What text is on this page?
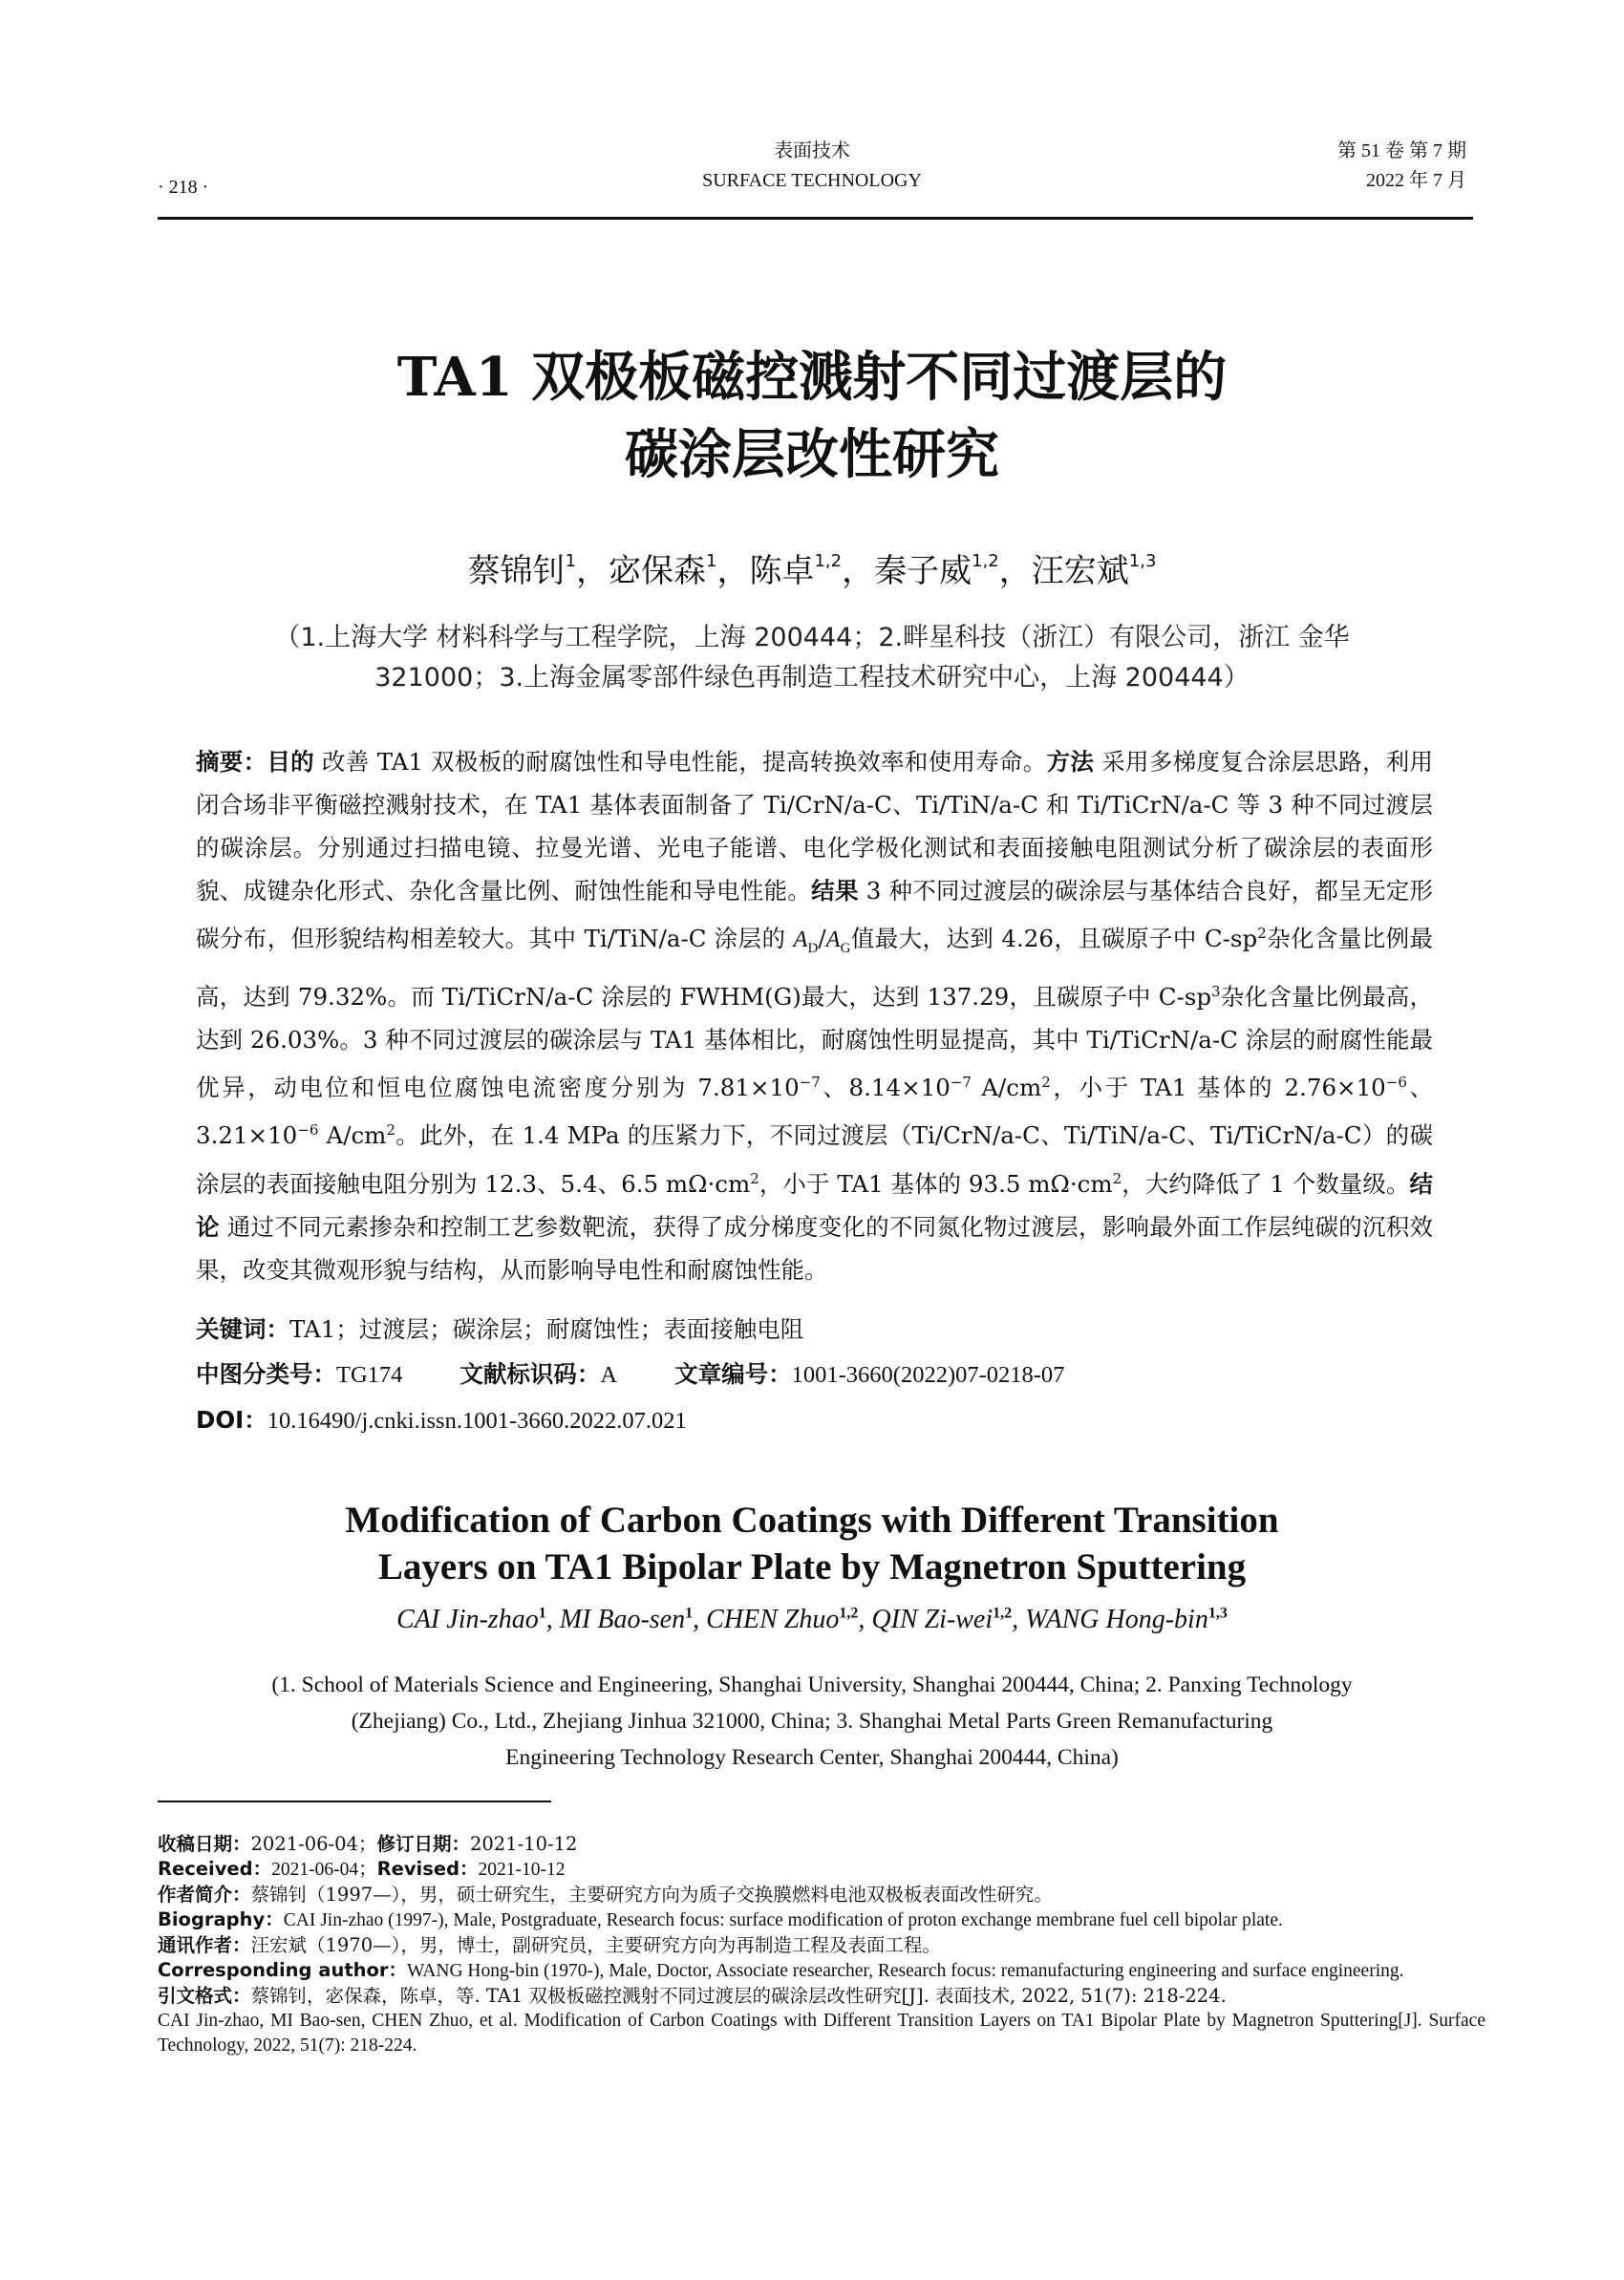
· 218 ·
表面技术
SURFACE TECHNOLOGY
第 51 卷 第 7 期
2022 年 7 月
TA1 双极板磁控溅射不同过渡层的
碳涂层改性研究
蔡锦钊$^1$，宓保森$^1$，陈卓$^{1,2}$，秦子威$^{1,2}$，汪宏斌$^{1,3}$
（1.上海大学 材料科学与工程学院，上海 200444；2.畔星科技（浙江）有限公司，浙江 金华
321000；3.上海金属零部件绿色再制造工程技术研究中心，上海 200444）
摘要：目的 改善 TA1 双极板的耐腐蚀性和导电性能，提高转换效率和使用寿命。方法 采用多梯度复合涂层思路，利用闭合场非平衡磁控溅射技术，在 TA1 基体表面制备了 Ti/CrN/a-C、Ti/TiN/a-C 和 Ti/TiCrN/a-C 等 3 种不同过渡层的碳涂层。分别通过扫描电镜、拉曼光谱、光电子能谱、电化学极化测试和表面接触电阻测试分析了碳涂层的表面形貌、成键杂化形式、杂化含量比例、耐蚀性能和导电性能。结果 3 种不同过渡层的碳涂层与基体结合良好，都呈无定形碳分布，但形貌结构相差较大。其中 Ti/TiN/a-C 涂层的 $A_D/A_G$值最大，达到 4.26，且碳原子中 $C-sp^2$杂化含量比例最高，达到 79.32%。而 Ti/TiCrN/a-C 涂层的 FWHM(G)最大，达到 137.29，且碳原子中 $C-sp^3$杂化含量比例最高，达到 26.03%。3 种不同过渡层的碳涂层与 TA1 基体相比，耐腐蚀性明显提高，其中 Ti/TiCrN/a-C 涂层的耐腐性能最优异，动电位和恒电位腐蚀电流密度分别为 $7.81\times 10^{-7}$、$8.14\times 10^{-7}$ $A/cm^2$，小于 TA1 基体的 $2.76\times 10^{-6}$、$3.21\times 10^{-6}$ $A/cm^2$。此外，在 1.4 MPa 的压紧力下，不同过渡层（Ti/CrN/a-C、Ti/TiN/a-C、Ti/TiCrN/a-C）的碳涂层的表面接触电阻分别为 12.3、5.4、6.5 $m\Omega\cdot cm^2$，小于 TA1 基体的 93.5 $m\Omega\cdot cm^2$，大约降低了 1 个数量级。结论 通过不同元素掺杂和控制工艺参数靶流，获得了成分梯度变化的不同氮化物过渡层，影响最外面工作层纯碳的沉积效果，改变其微观形貌与结构，从而影响导电性和耐腐蚀性能。
关键词：TA1；过渡层；碳涂层；耐腐蚀性；表面接触电阻
中图分类号：TG174 文献标识码：A 文章编号：1001-3660(2022)07-0218-07
DOI：10.16490/j.cnki.issn.1001-3660.2022.07.021
Modification of Carbon Coatings with Different Transition
Layers on TA1 Bipolar Plate by Magnetron Sputtering
CAI Jin-zhao$^1$, MI Bao-sen$^1$, CHEN Zhuo$^{1,2}$, QIN Zi-wei$^{1,2}$, WANG Hong-bin$^{1,3}$
(1. School of Materials Science and Engineering, Shanghai University, Shanghai 200444, China; 2. Panxing Technology
(Zhejiang) Co., Ltd., Zhejiang Jinhua 321000, China; 3. Shanghai Metal Parts Green Remanufacturing
Engineering Technology Research Center, Shanghai 200444, China)

收稿日期：2021-06-04；修订日期：2021-10-12

Received：2021-06-04；Revised：2021-10-12

作者简介：蔡锦钊（1997—），男，硕士研究生，主要研究方向为质子交换膜燃料电池双极板表面改性研究。

Biography：CAI Jin-zhao (1997-), Male, Postgraduate, Research focus: surface modification of proton exchange membrane fuel cell bipolar plate.

通讯作者：汪宏斌（1970—），男，博士，副研究员，主要研究方向为再制造工程及表面工程。

Corresponding author：WANG Hong-bin (1970-), Male, Doctor, Associate researcher, Research focus: remanufacturing engineering and surface engineering.

引文格式：蔡锦钊，宓保森，陈卓，等. TA1 双极板磁控溅射不同过渡层的碳涂层改性研究[J]. 表面技术, 2022, 51(7): 218-224.

CAI Jin-zhao, MI Bao-sen, CHEN Zhuo, et al. Modification of Carbon Coatings with Different Transition Layers on TA1 Bipolar Plate by Magnetron Sputtering[J]. Surface Technology, 2022, 51(7): 218-224.
